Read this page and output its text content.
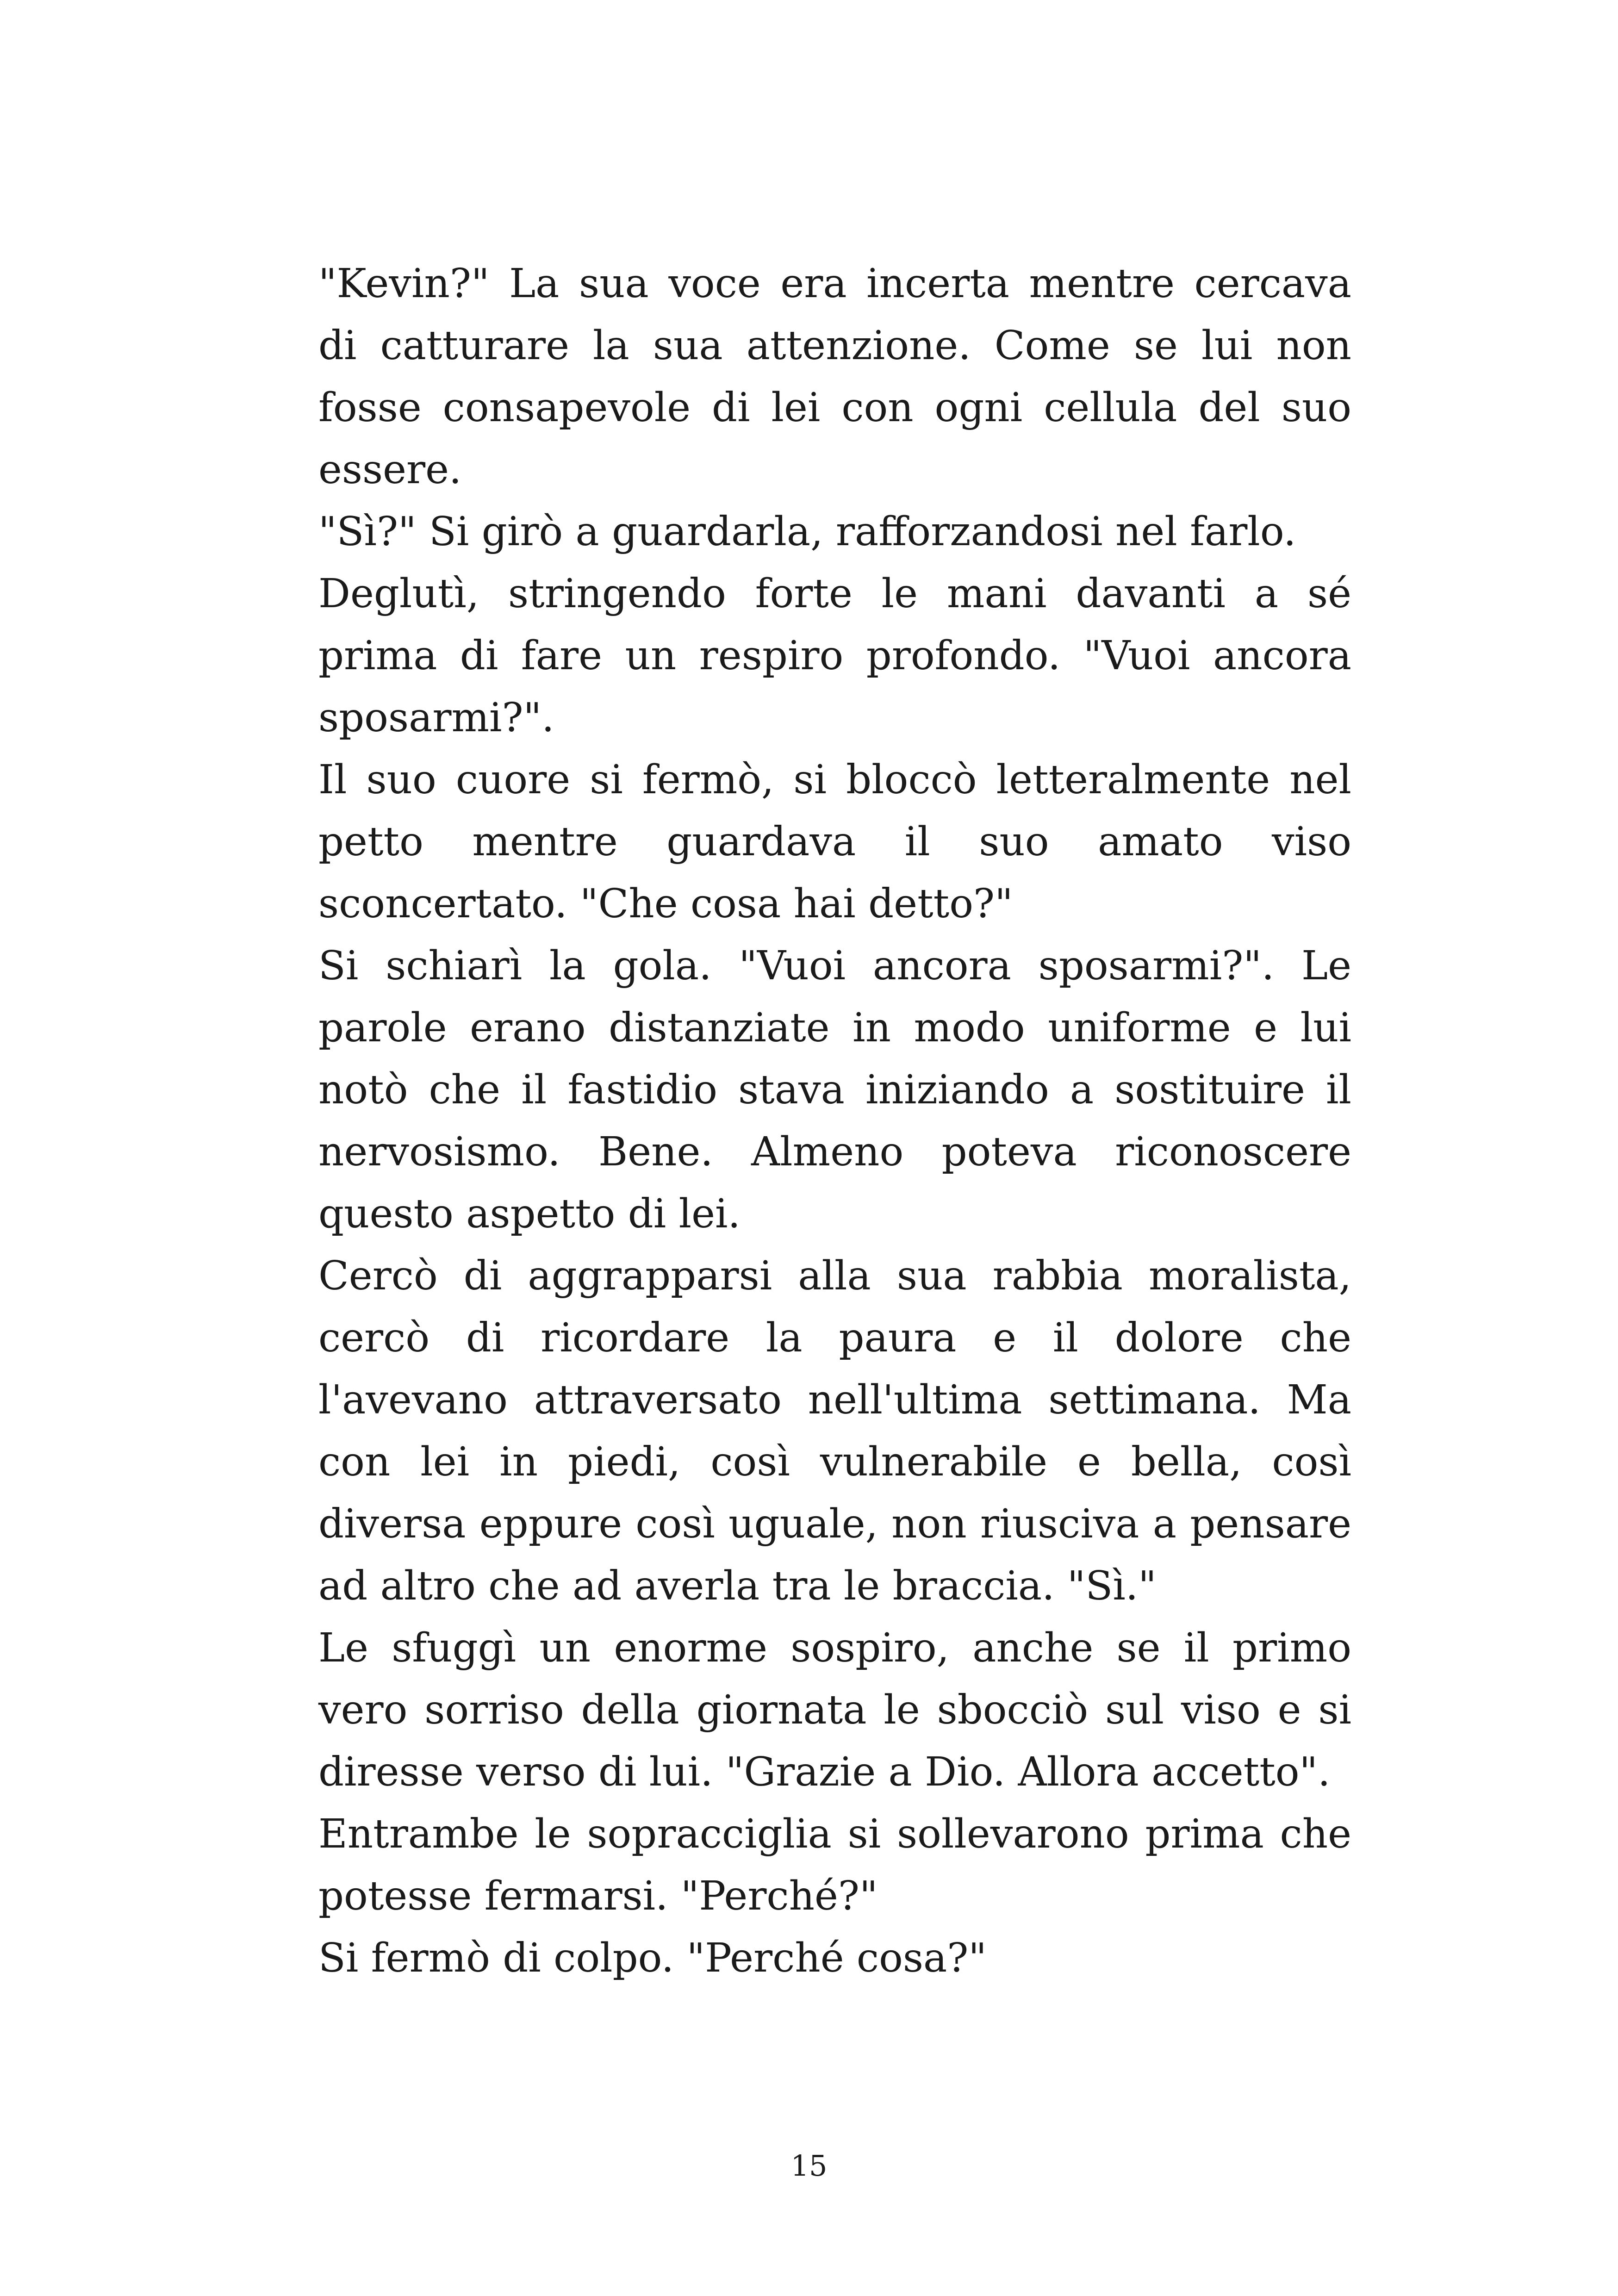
"Kevin?" La sua voce era incerta mentre cercava di catturare la sua attenzione. Come se lui non fosse consapevole di lei con ogni cellula del suo essere.

"Sì?" Si girò a guardarla, rafforzandosi nel farlo.

Deglutì, stringendo forte le mani davanti a sé prima di fare un respiro profondo. "Vuoi ancora sposarmi?".

Il suo cuore si fermò, si bloccò letteralmente nel petto mentre guardava il suo amato viso sconcertato. "Che cosa hai detto?"

Si schiarì la gola. "Vuoi ancora sposarmi?". Le parole erano distanziate in modo uniforme e lui notò che il fastidio stava iniziando a sostituire il nervosismo. Bene. Almeno poteva riconoscere questo aspetto di lei.

Cercò di aggrapparsi alla sua rabbia moralista, cercò di ricordare la paura e il dolore che l'avevano attraversato nell'ultima settimana. Ma con lei in piedi, così vulnerabile e bella, così diversa eppure così uguale, non riusciva a pensare ad altro che ad averla tra le braccia. "Sì."

Le sfuggì un enorme sospiro, anche se il primo vero sorriso della giornata le sbocciò sul viso e si diresse verso di lui. "Grazie a Dio. Allora accetto".

Entrambe le sopracciglia si sollevarono prima che potesse fermarsi. "Perché?"

Si fermò di colpo. "Perché cosa?"

15
